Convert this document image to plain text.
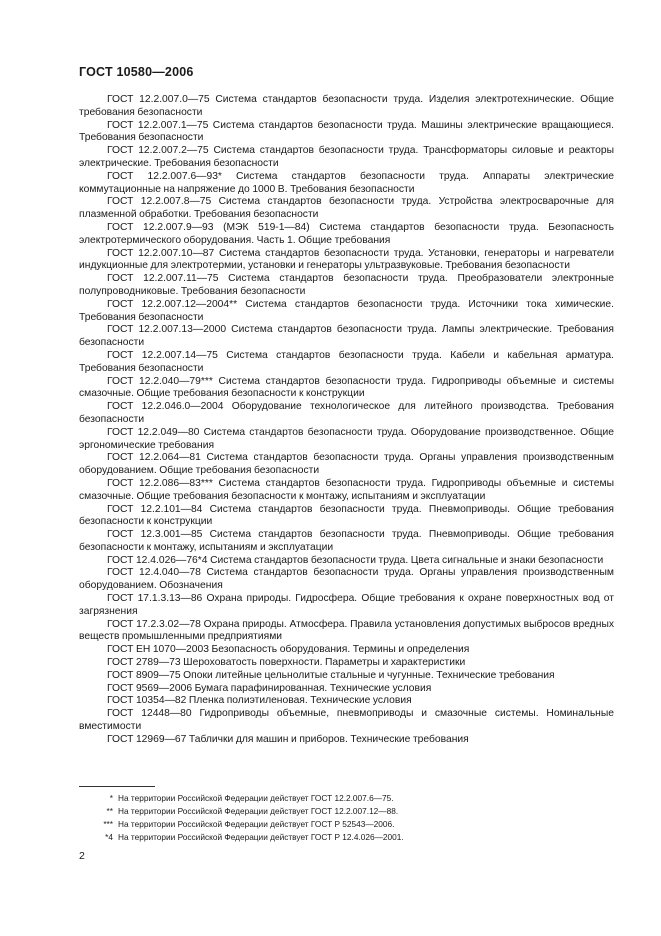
ГОСТ 10580—2006

ГОСТ 12.2.007.0—75 Система стандартов безопасности труда. Изделия электротехнические. Общие требования безопасности

ГОСТ 12.2.007.1—75 Система стандартов безопасности труда. Машины электрические вращающиеся. Требования безопасности

ГОСТ 12.2.007.2—75 Система стандартов безопасности труда. Трансформаторы силовые и реакторы электрические. Требования безопасности

ГОСТ 12.2.007.6—93* Система стандартов безопасности труда. Аппараты электрические коммутационные на напряжение до 1000 В. Требования безопасности

ГОСТ 12.2.007.8—75 Система стандартов безопасности труда. Устройства электросварочные для плазменной обработки. Требования безопасности

ГОСТ 12.2.007.9—93 (МЭК 519-1—84) Система стандартов безопасности труда. Безопасность электротермического оборудования. Часть 1. Общие требования

ГОСТ 12.2.007.10—87 Система стандартов безопасности труда. Установки, генераторы и нагреватели индукционные для электротермии, установки и генераторы ультразвуковые. Требования безопасности

ГОСТ 12.2.007.11—75 Система стандартов безопасности труда. Преобразователи электронные полупроводниковые. Требования безопасности

ГОСТ 12.2.007.12—2004** Система стандартов безопасности труда. Источники тока химические. Требования безопасности

ГОСТ 12.2.007.13—2000 Система стандартов безопасности труда. Лампы электрические. Требования безопасности

ГОСТ 12.2.007.14—75 Система стандартов безопасности труда. Кабели и кабельная арматура. Требования безопасности

ГОСТ 12.2.040—79*** Система стандартов безопасности труда. Гидроприводы объемные и системы смазочные. Общие требования безопасности к конструкции

ГОСТ 12.2.046.0—2004 Оборудование технологическое для литейного производства. Требования безопасности

ГОСТ 12.2.049—80 Система стандартов безопасности труда. Оборудование производственное. Общие эргономические требования

ГОСТ 12.2.064—81 Система стандартов безопасности труда. Органы управления производственным оборудованием. Общие требования безопасности

ГОСТ 12.2.086—83*** Система стандартов безопасности труда. Гидроприводы объемные и системы смазочные. Общие требования безопасности к монтажу, испытаниям и эксплуатации

ГОСТ 12.2.101—84 Система стандартов безопасности труда. Пневмоприводы. Общие требования безопасности к конструкции

ГОСТ 12.3.001—85 Система стандартов безопасности труда. Пневмоприводы. Общие требования безопасности к монтажу, испытаниям и эксплуатации

ГОСТ 12.4.026—76*4 Система стандартов безопасности труда. Цвета сигнальные и знаки безопасности

ГОСТ 12.4.040—78 Система стандартов безопасности труда. Органы управления производственным оборудованием. Обозначения

ГОСТ 17.1.3.13—86 Охрана природы. Гидросфера. Общие требования к охране поверхностных вод от загрязнения

ГОСТ 17.2.3.02—78 Охрана природы. Атмосфера. Правила установления допустимых выбросов вредных веществ промышленными предприятиями

ГОСТ ЕН 1070—2003 Безопасность оборудования. Термины и определения

ГОСТ 2789—73 Шероховатость поверхности. Параметры и характеристики

ГОСТ 8909—75 Опоки литейные цельнолитые стальные и чугунные. Технические требования

ГОСТ 9569—2006 Бумага парафинированная. Технические условия

ГОСТ 10354—82 Пленка полиэтиленовая. Технические условия

ГОСТ 12448—80 Гидроприводы объемные, пневмоприводы и смазочные системы. Номинальные вместимости

ГОСТ 12969—67 Таблички для машин и приборов. Технические требования

* На территории Российской Федерации действует ГОСТ 12.2.007.6—75.
** На территории Российской Федерации действует ГОСТ 12.2.007.12—88.
*** На территории Российской Федерации действует ГОСТ Р 52543—2006.
*4 На территории Российской Федерации действует ГОСТ Р 12.4.026—2001.
2
